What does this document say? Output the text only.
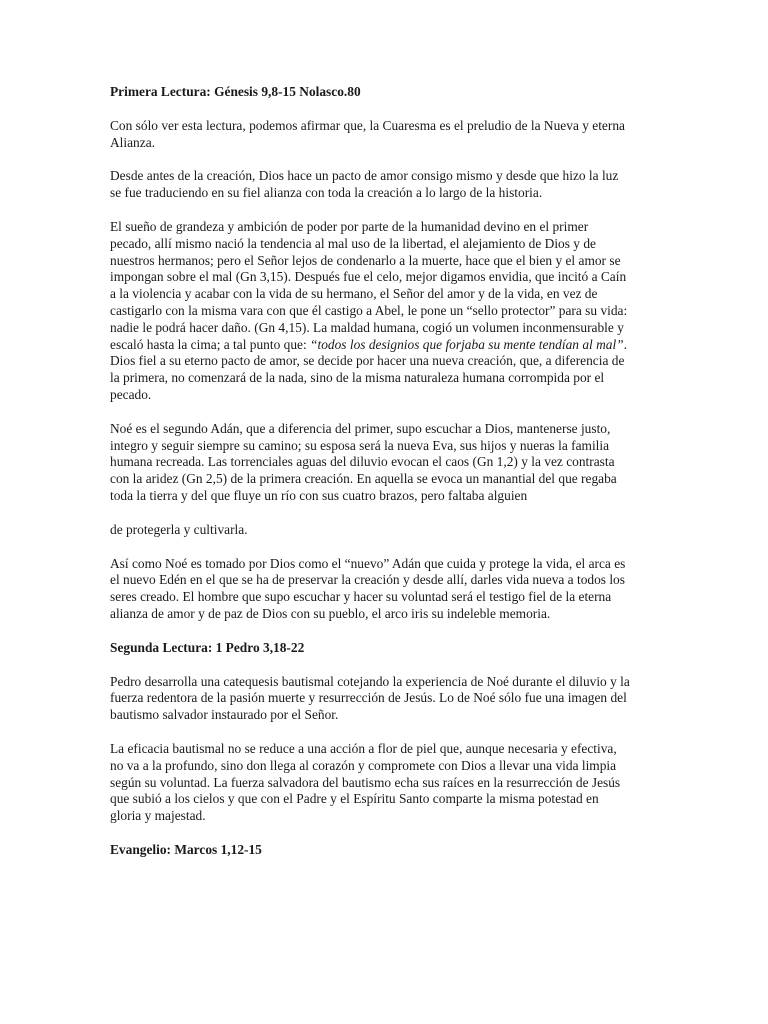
Primera Lectura: Génesis 9,8-15 Nolasco.80
Con sólo ver esta lectura, podemos afirmar que, la Cuaresma es el preludio de la Nueva y eterna Alianza.
Desde antes de la creación, Dios hace un pacto de amor consigo mismo y desde que hizo la luz se fue traduciendo en su fiel alianza con toda la creación a lo largo de la historia.
El sueño de grandeza y ambición de poder por parte de la humanidad devino en el primer pecado, allí mismo nació la tendencia al mal uso de la libertad, el alejamiento de Dios y de nuestros hermanos; pero el Señor lejos de condenarlo a la muerte, hace que el bien y el amor se impongan sobre el mal (Gn 3,15). Después fue el celo, mejor digamos envidia, que incitó a Caín a la violencia y acabar con la vida de su hermano, el Señor del amor y de la vida, en vez de castigarlo con la misma vara con que él castigo a Abel, le pone un “sello protector” para su vida: nadie le podrá hacer daño. (Gn 4,15). La maldad humana, cogió un volumen inconmensurable y escaló hasta la cima; a tal punto que: “todos los designios que forjaba su mente tendían al mal”. Dios fiel a su eterno pacto de amor, se decide por hacer una nueva creación, que, a diferencia de la primera, no comenzará de la nada, sino de la misma naturaleza humana corrompida por el pecado.
Noé es el segundo Adán, que a diferencia del primer, supo escuchar a Dios, mantenerse justo, integro y seguir siempre su camino; su esposa será la nueva Eva, sus hijos y nueras la familia humana recreada. Las torrenciales aguas del diluvio evocan el caos (Gn 1,2) y la vez contrasta con la aridez (Gn 2,5) de la primera creación. En aquella se evoca un manantial del que regaba toda la tierra y del que fluye un río con sus cuatro brazos, pero faltaba alguien
de protegerla y cultivarla.
Así como Noé es tomado por Dios como el “nuevo” Adán que cuida y protege la vida, el arca es el nuevo Edén en el que se ha de preservar la creación y desde allí, darles vida nueva a todos los seres creado. El hombre que supo escuchar y hacer su voluntad será el testigo fiel de la eterna alianza de amor y de paz de Dios con su pueblo, el arco iris su indeleble memoria.
Segunda Lectura: 1 Pedro 3,18-22
Pedro desarrolla una catequesis bautismal cotejando la experiencia de Noé durante el diluvio y la fuerza redentora de la pasión muerte y resurrección de Jesús. Lo de Noé sólo fue una imagen del bautismo salvador instaurado por el Señor.
La eficacia bautismal no se reduce a una acción a flor de piel que, aunque necesaria y efectiva, no va a la profundo, sino don llega al corazón y compromete con Dios a llevar una vida limpia según su voluntad. La fuerza salvadora del bautismo echa sus raíces en la resurrección de Jesús que subió a los cielos y que con el Padre y el Espíritu Santo comparte la misma potestad en gloria y majestad.
Evangelio: Marcos 1,12-15
